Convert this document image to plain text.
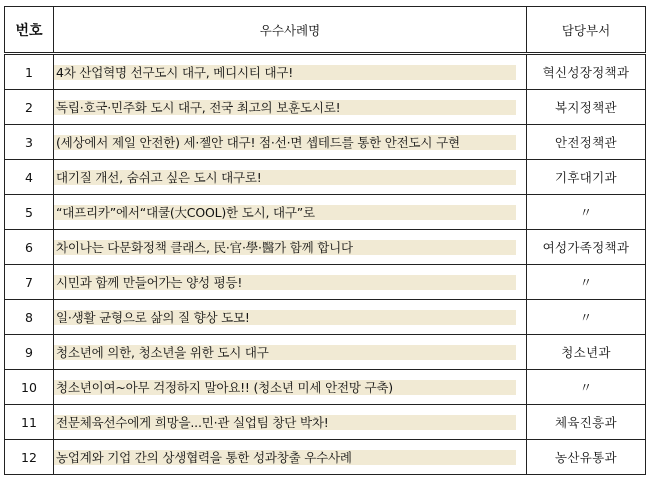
번호	우수사례명	담당부서
1	4차 산업혁명 선구도시 대구, 메디시티 대구!	혁신성장정책과
2	독립·호국·민주화 도시 대구, 전국 최고의 보훈도시로!	복지정책관
3	(세상에서 제일 안전한) 세·젤안 대구! 점·선·면 셉테드를 통한 안전도시 구현	안전정책관
4	대기질 개선, 숨쉬고 싶은 도시 대구로!	기후대기과
5	“대프리카”에서“대쿨(大COOL)한 도시, 대구”로	〃
6	차이나는 다문화정책 클래스, 民·官·學·醫가 함께 합니다	여성가족정책과
7	시민과 함께 만들어가는 양성 평등!	〃
8	일·생활 균형으로 삶의 질 향상 도모!	〃
9	청소년에 의한, 청소년을 위한 도시 대구	청소년과
10	청소년이여~아무 걱정하지 말아요!! (청소년 미세 안전망 구축)	〃
11	전문체육선수에게 희망을...민·관 실업팀 창단 박차!	체육진흥과
12	농업계와 기업 간의 상생협력을 통한 성과창출 우수사례	농산유통과
